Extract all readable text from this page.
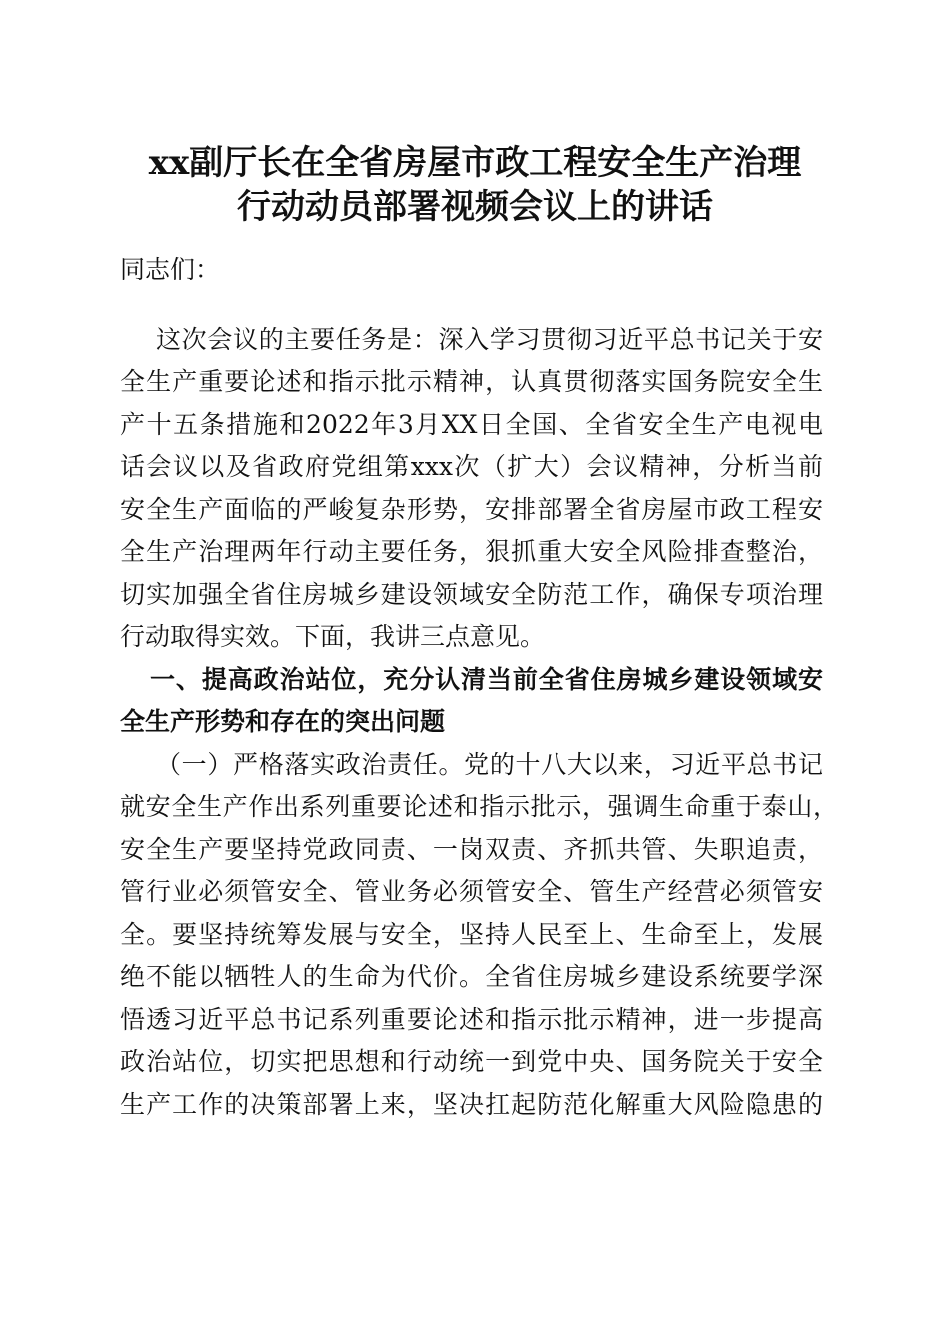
xx副厅长在全省房屋市政工程安全生产治理
行动动员部署视频会议上的讲话
同志们：
这次会议的主要任务是：深入学习贯彻习近平总书记关于安
全生产重要论述和指示批示精神，认真贯彻落实国务院安全生
产十五条措施和2022年3月XX日全国、全省安全生产电视电
话会议以及省政府党组第xxx次（扩大）会议精神，分析当前
安全生产面临的严峻复杂形势，安排部署全省房屋市政工程安
全生产治理两年行动主要任务，狠抓重大安全风险排查整治，
切实加强全省住房城乡建设领域安全防范工作，确保专项治理
行动取得实效。下面，我讲三点意见。
一、提高政治站位，充分认清当前全省住房城乡建设领域安
全生产形势和存在的突出问题
（一）严格落实政治责任。党的十八大以来，习近平总书记
就安全生产作出系列重要论述和指示批示，强调生命重于泰山，
安全生产要坚持党政同责、一岗双责、齐抓共管、失职追责，
管行业必须管安全、管业务必须管安全、管生产经营必须管安
全。要坚持统筹发展与安全，坚持人民至上、生命至上，发展
绝不能以牺牲人的生命为代价。全省住房城乡建设系统要学深
悟透习近平总书记系列重要论述和指示批示精神，进一步提高
政治站位，切实把思想和行动统一到党中央、国务院关于安全
生产工作的决策部署上来，坚决扛起防范化解重大风险隐患的
